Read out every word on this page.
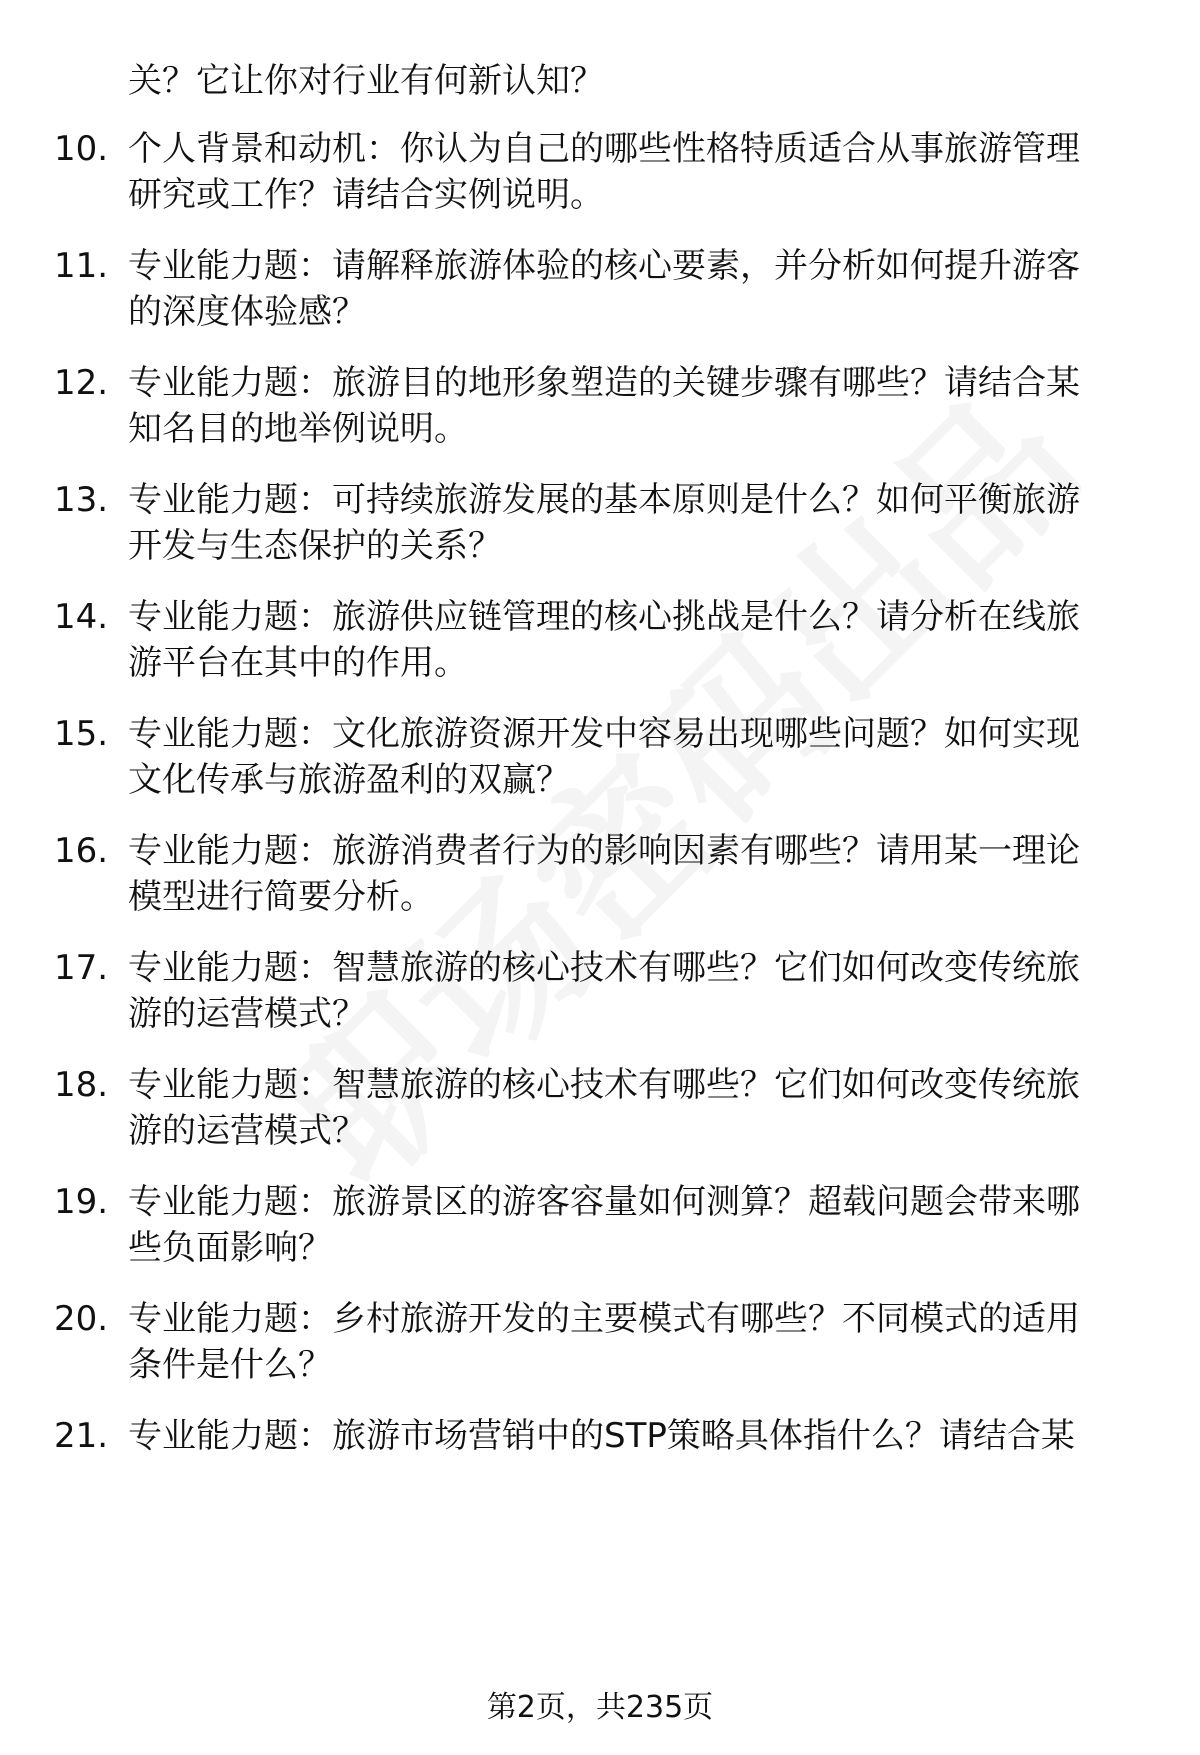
关？它让你对行业有何新认知？
10. 个人背景和动机：你认为自己的哪些性格特质适合从事旅游管理
研究或工作？请结合实例说明。
11. 专业能力题：请解释旅游体验的核心要素，并分析如何提升游客
的深度体验感？
12. 专业能力题：旅游目的地形象塑造的关键步骤有哪些？请结合某
知名目的地举例说明。
13. 专业能力题：可持续旅游发展的基本原则是什么？如何平衡旅游
开发与生态保护的关系？
14. 专业能力题：旅游供应链管理的核心挑战是什么？请分析在线旅
游平台在其中的作用。
15. 专业能力题：文化旅游资源开发中容易出现哪些问题？如何实现
文化传承与旅游盈利的双赢？
16. 专业能力题：旅游消费者行为的影响因素有哪些？请用某一理论
模型进行简要分析。
17. 专业能力题：智慧旅游的核心技术有哪些？它们如何改变传统旅
游的运营模式？
18. 专业能力题：智慧旅游的核心技术有哪些？它们如何改变传统旅
游的运营模式？
19. 专业能力题：旅游景区的游客容量如何测算？超载问题会带来哪
些负面影响？
20. 专业能力题：乡村旅游开发的主要模式有哪些？不同模式的适用
条件是什么？
21. 专业能力题：旅游市场营销中的STP策略具体指什么？请结合某
第2页，共235页
